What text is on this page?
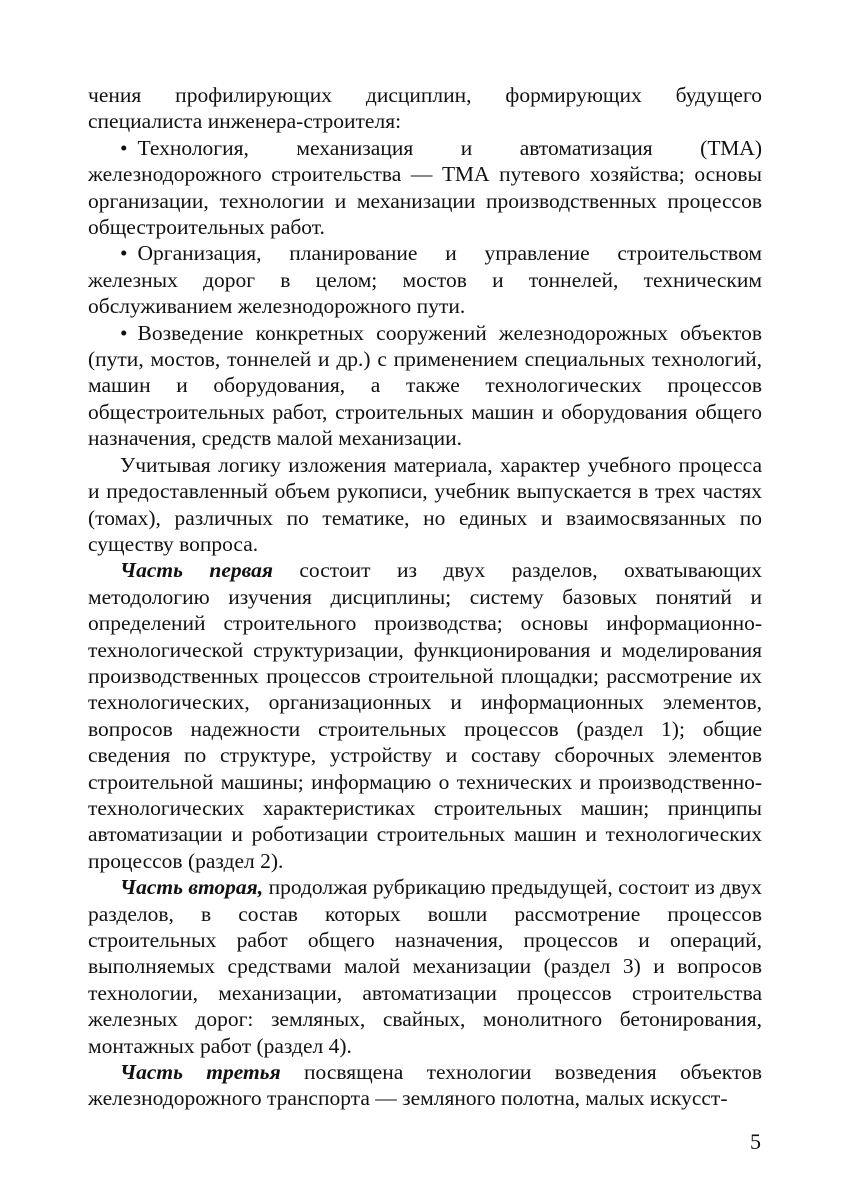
чения профилирующих дисциплин, формирующих будущего специалиста инженера-строителя:

• Технология, механизация и автоматизация (ТМА) железнодорожного строительства — ТМА путевого хозяйства; основы организации, технологии и механизации производственных процессов общестроительных работ.

• Организация, планирование и управление строительством железных дорог в целом; мостов и тоннелей, техническим обслуживанием железнодорожного пути.

• Возведение конкретных сооружений железнодорожных объектов (пути, мостов, тоннелей и др.) с применением специальных технологий, машин и оборудования, а также технологических процессов общестроительных работ, строительных машин и оборудования общего назначения, средств малой механизации.

Учитывая логику изложения материала, характер учебного процесса и предоставленный объем рукописи, учебник выпускается в трех частях (томах), различных по тематике, но единых и взаимосвязанных по существу вопроса.

Часть первая состоит из двух разделов, охватывающих методологию изучения дисциплины; систему базовых понятий и определений строительного производства; основы информационно-технологической структуризации, функционирования и моделирования производственных процессов строительной площадки; рассмотрение их технологических, организационных и информационных элементов, вопросов надежности строительных процессов (раздел 1); общие сведения по структуре, устройству и составу сборочных элементов строительной машины; информацию о технических и производственно-технологических характеристиках строительных машин; принципы автоматизации и роботизации строительных машин и технологических процессов (раздел 2).

Часть вторая, продолжая рубрикацию предыдущей, состоит из двух разделов, в состав которых вошли рассмотрение процессов строительных работ общего назначения, процессов и операций, выполняемых средствами малой механизации (раздел 3) и вопросов технологии, механизации, автоматизации процессов строительства железных дорог: земляных, свайных, монолитного бетонирования, монтажных работ (раздел 4).

Часть третья посвящена технологии возведения объектов железнодорожного транспорта — земляного полотна, малых искусст-

5
